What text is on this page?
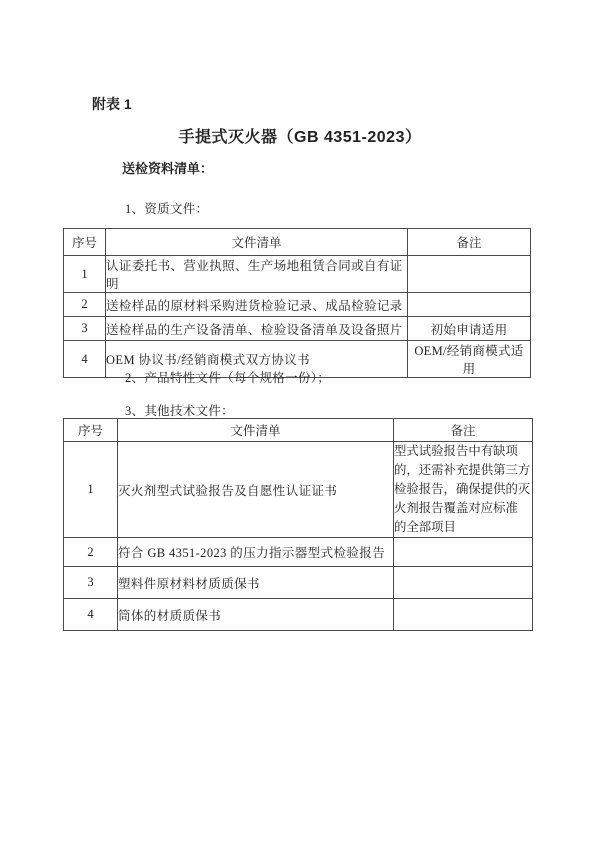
附表 1
手提式灭火器（GB 4351-2023）
送检资料清单：
1、资质文件：
序号	文件清单	备注
1	认证委托书、营业执照、生产场地租赁合同或自有证明	
2	送检样品的原材料采购进货检验记录、成品检验记录	
3	送检样品的生产设备清单、检验设备清单及设备照片	初始申请适用
4	OEM 协议书/经销商模式双方协议书	OEM/经销商模式适用
2、产品特性文件（每个规格一份）；
3、其他技术文件：
序号	文件清单	备注
1	灭火剂型式试验报告及自愿性认证证书	型式试验报告中有缺项
的，还需补充提供第三方
检验报告，确保提供的灭
火剂报告覆盖对应标准
的全部项目

2	符合 GB 4351-2023 的压力指示器型式检验报告	
3	塑料件原材料材质质保书	
4	筒体的材质质保书	
